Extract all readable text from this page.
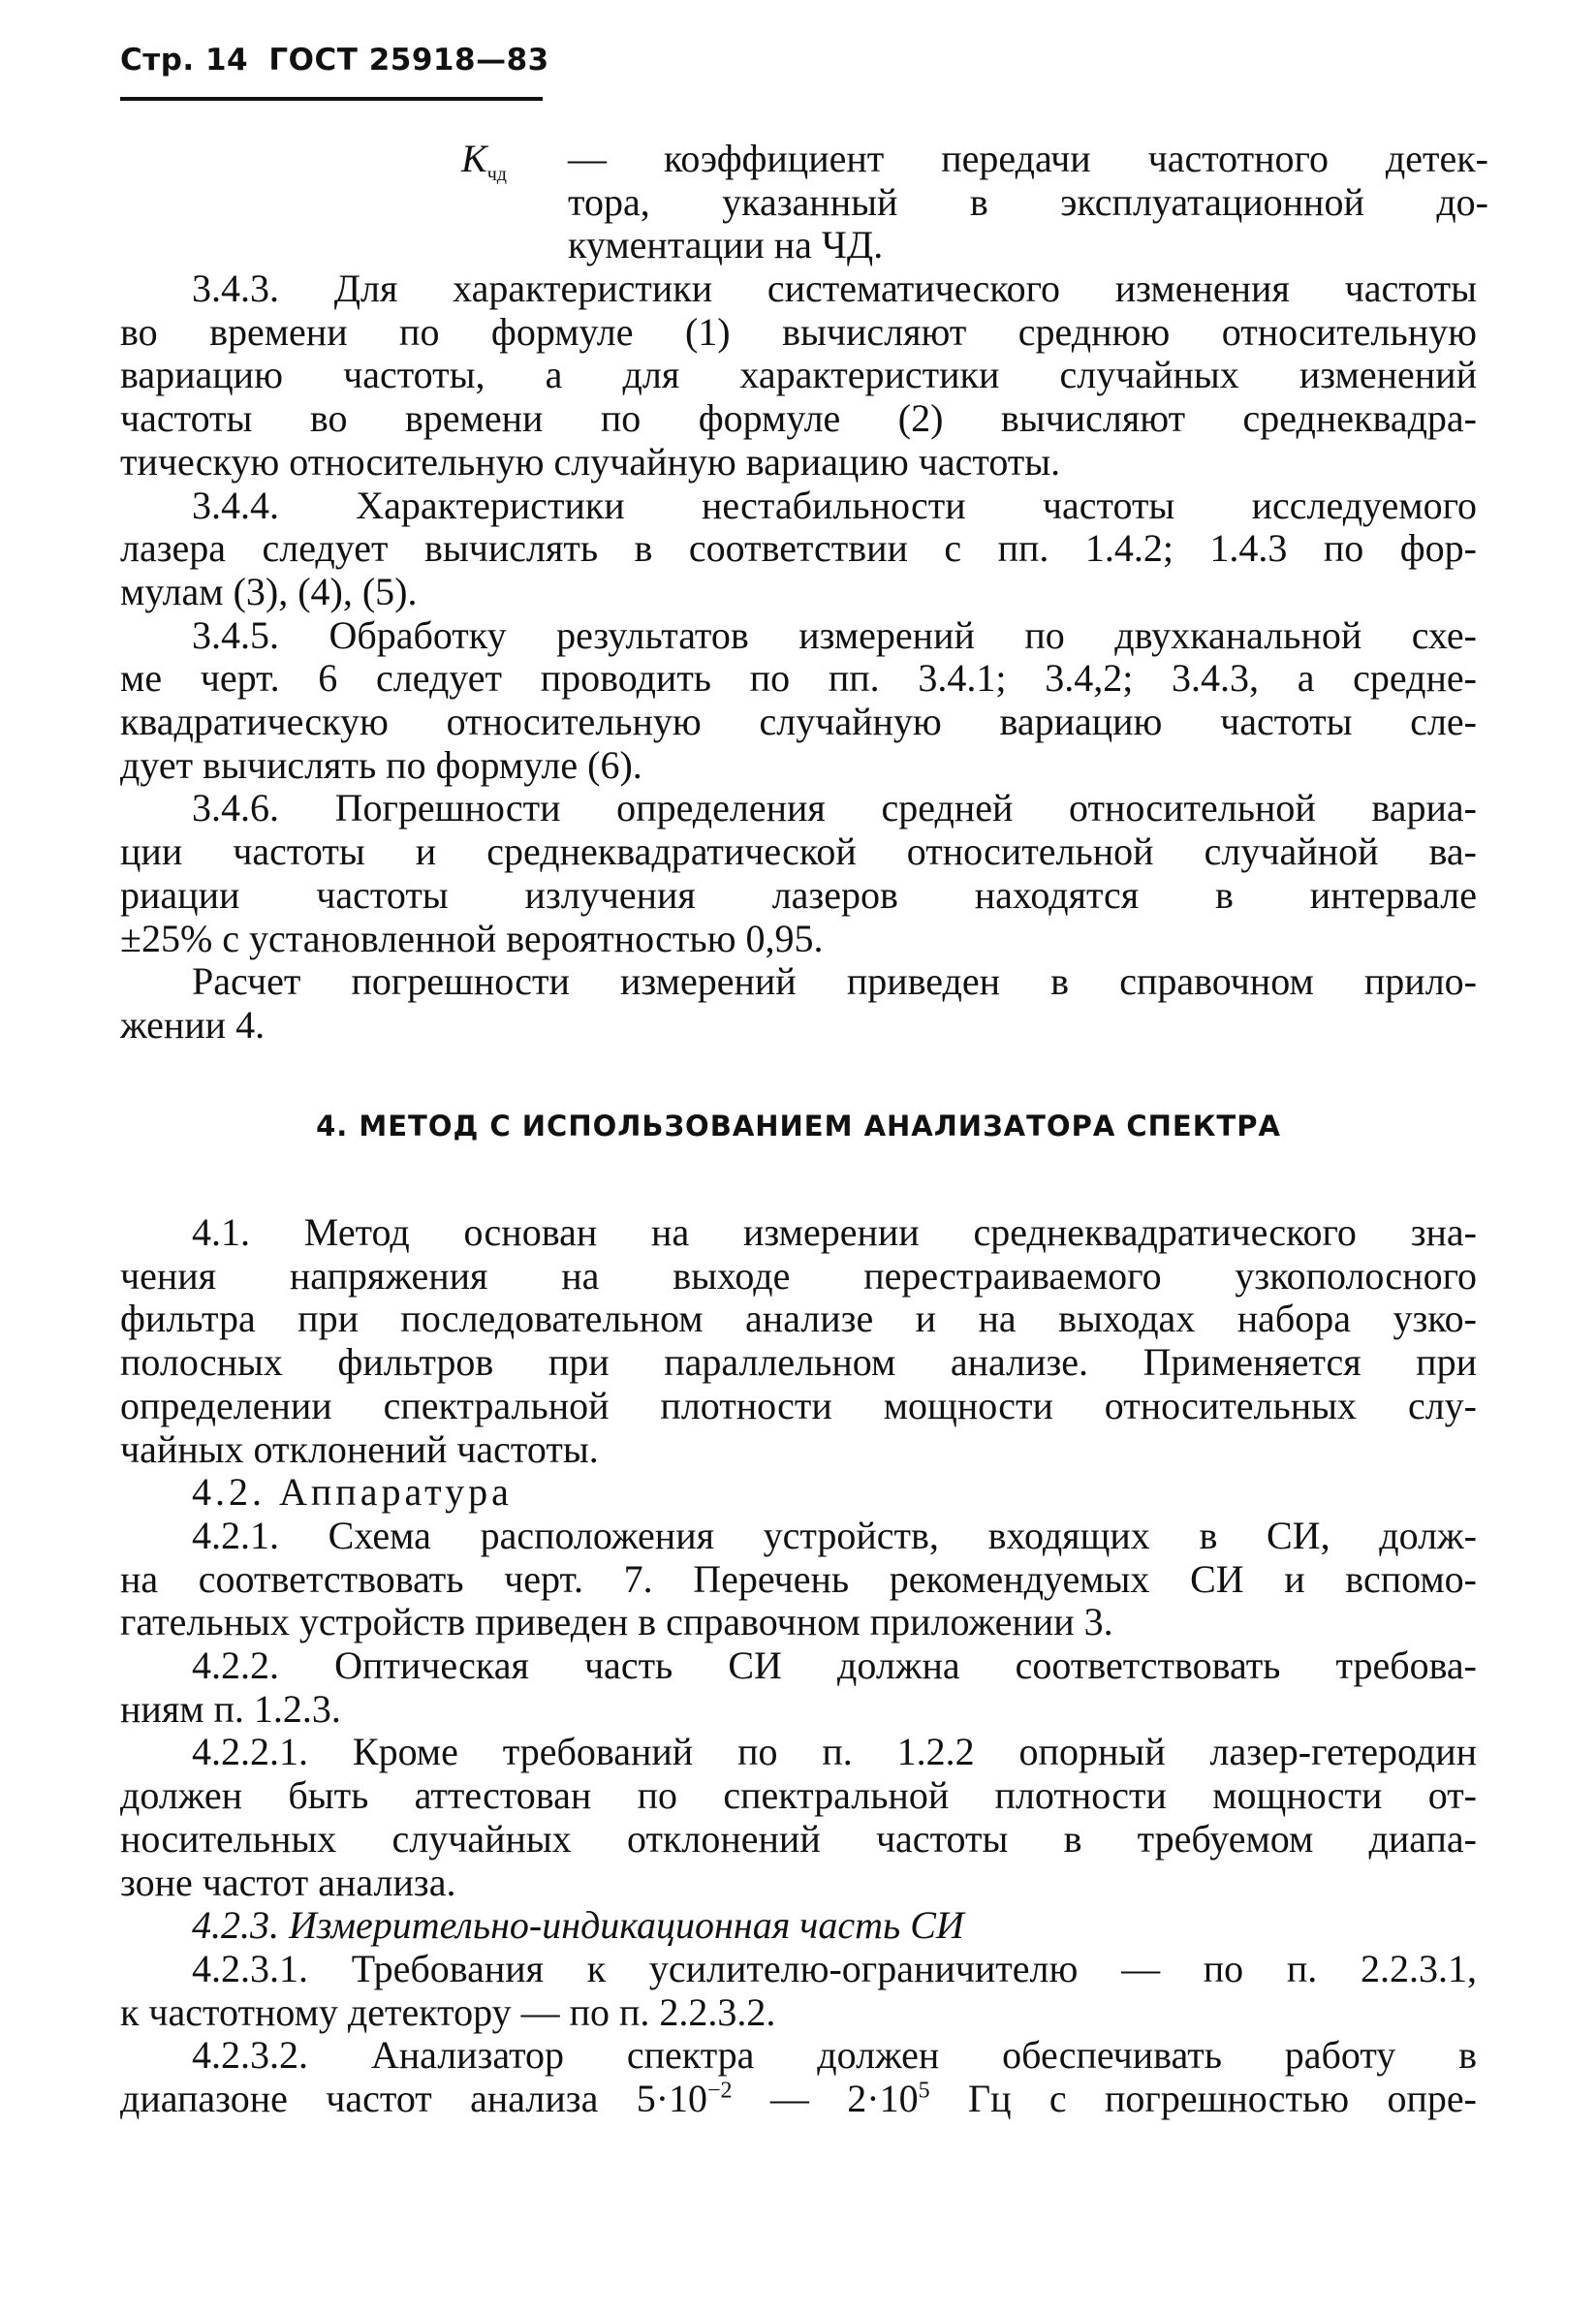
Стр. 14 ГОСТ 25918—83
$K_{чд}$	— коэффициент передачи частотного детек-
тора, указанный в эксплуатационной до-
кументации на ЧД.
3.4.3. Для характеристики систематического изменения частоты
во времени по формуле (1) вычисляют среднюю относительную
вариацию частоты, а для характеристики случайных изменений
частоты во времени по формуле (2) вычисляют среднеквадра-
тическую относительную случайную вариацию частоты.
3.4.4. Характеристики нестабильности частоты исследуемого
лазера следует вычислять в соответствии с пп. 1.4.2; 1.4.3 по фор-
мулам (3), (4), (5).
3.4.5. Обработку результатов измерений по двухканальной схе-
ме черт. 6 следует проводить по пп. 3.4.1; 3.4,2; 3.4.3, а средне-
квадратическую относительную случайную вариацию частоты сле-
дует вычислять по формуле (6).
3.4.6. Погрешности определения средней относительной вариа-
ции частоты и среднеквадратической относительной случайной ва-
риации частоты излучения лазеров находятся в интервале
±25% с установленной вероятностью 0,95.
Расчет погрешности измерений приведен в справочном прило-
жении 4.
4. МЕТОД С ИСПОЛЬЗОВАНИЕМ АНАЛИЗАТОРА СПЕКТРА
4.1. Метод основан на измерении среднеквадратического зна-
чения напряжения на выходе перестраиваемого узкополосного
фильтра при последовательном анализе и на выходах набора узко-
полосных фильтров при параллельном анализе. Применяется при
определении спектральной плотности мощности относительных слу-
чайных отклонений частоты.
4.2. Аппаратура
4.2.1. Схема расположения устройств, входящих в СИ, долж-
на соответствовать черт. 7. Перечень рекомендуемых СИ и вспомо-
гательных устройств приведен в справочном приложении 3.
4.2.2. Оптическая часть СИ должна соответствовать требова-
ниям п. 1.2.3.
4.2.2.1. Кроме требований по п. 1.2.2 опорный лазер-гетеродин
должен быть аттестован по спектральной плотности мощности от-
носительных случайных отклонений частоты в требуемом диапа-
зоне частот анализа.
4.2.3. Измерительно-индикационная часть СИ
4.2.3.1. Требования к усилителю-ограничителю — по п. 2.2.3.1,
к частотному детектору — по п. 2.2.3.2.
4.2.3.2. Анализатор спектра должен обеспечивать работу в
диапазоне частот анализа $5\cdot 10^{-2}$ — $2\cdot 10^5$ Гц с погрешностью опре-
